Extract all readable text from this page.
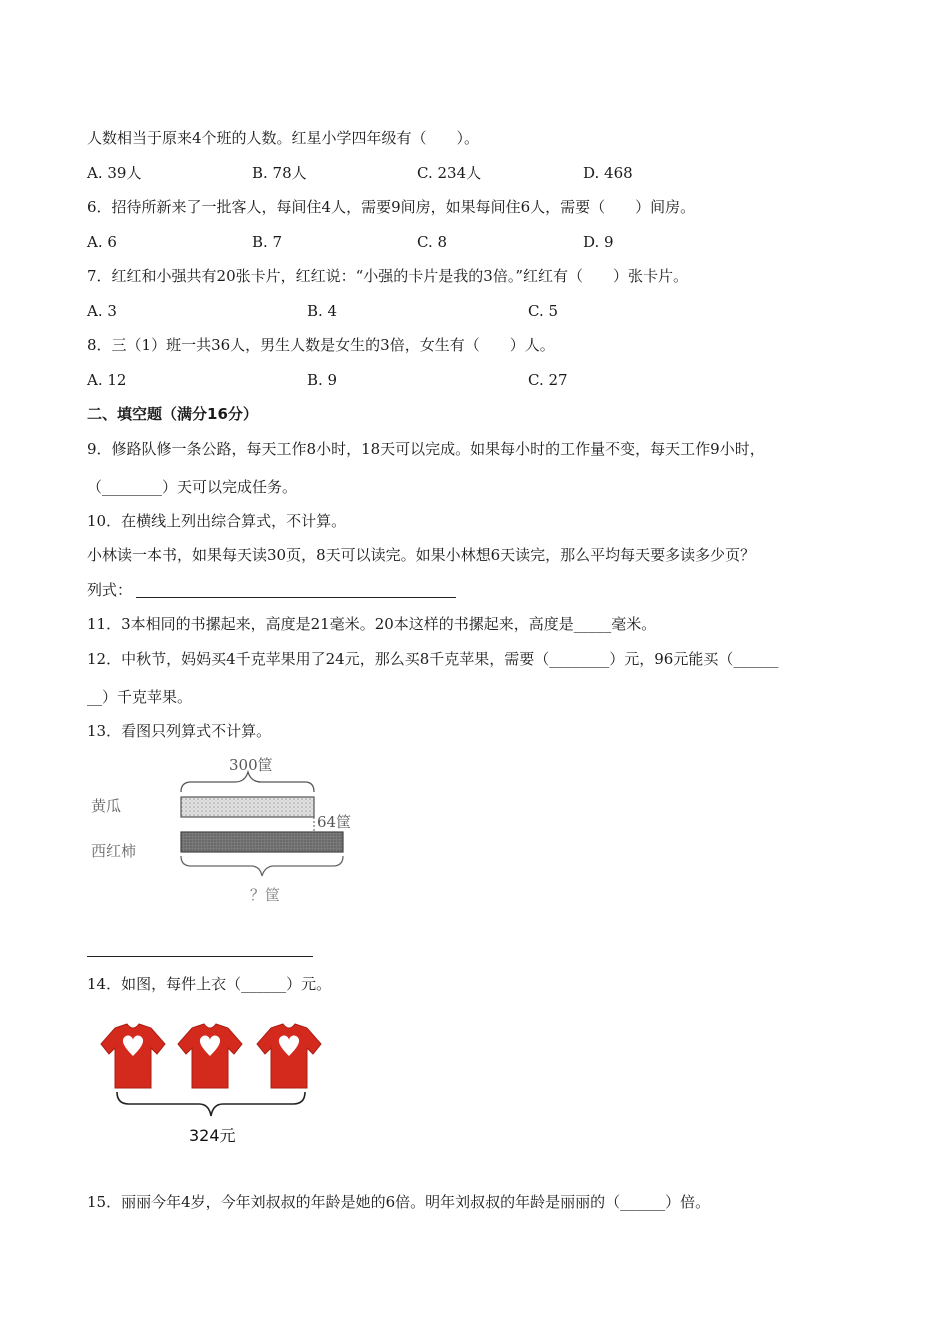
人数相当于原来4个班的人数。红星小学四年级有（　　）。
A. 39人	B. 78人	C. 234人	D. 468
6．招待所新来了一批客人，每间住4人，需要9间房，如果每间住6人，需要（　　）间房。
A. 6	B. 7	C. 8	D. 9
7．红红和小强共有20张卡片，红红说：“小强的卡片是我的3倍。”红红有（　　）张卡片。
A. 3	B. 4	C. 5
8．三（1）班一共36人，男生人数是女生的3倍，女生有（　　）人。
A. 12	B. 9	C. 27
二、填空题（满分16分）
9．修路队修一条公路，每天工作8小时，18天可以完成。如果每小时的工作量不变，每天工作9小时，
（________）天可以完成任务。
10．在横线上列出综合算式，不计算。
小林读一本书，如果每天读30页，8天可以读完。如果小林想6天读完，那么平均每天要多读多少页？
列式：
11．3本相同的书摞起来，高度是21毫米。20本这样的书摞起来，高度是_____毫米。
12．中秋节，妈妈买4千克苹果用了24元，那么买8千克苹果，需要（________）元，96元能买（______
__）千克苹果。
13．看图只列算式不计算。
300筐
黄瓜
西红柿
64筐
？筐
14．如图，每件上衣（______）元。
324元
15．丽丽今年4岁，今年刘叔叔的年龄是她的6倍。明年刘叔叔的年龄是丽丽的（______）倍。
